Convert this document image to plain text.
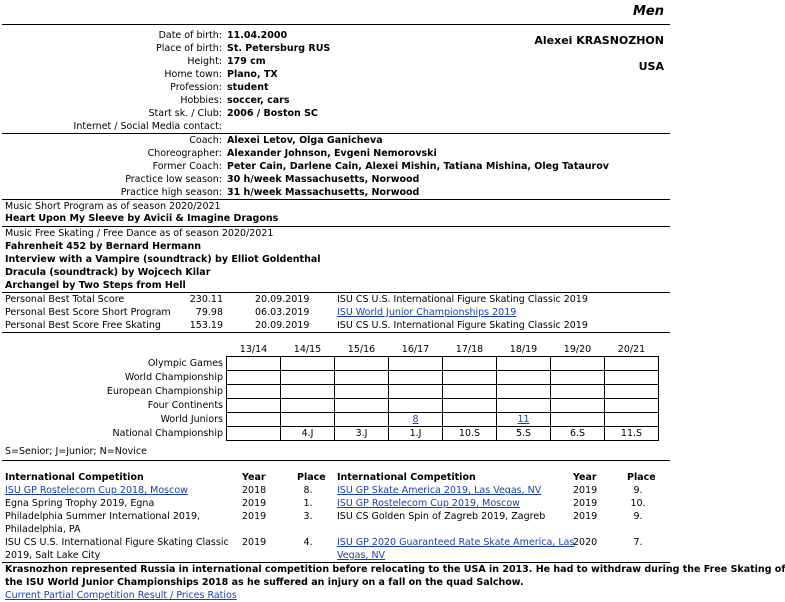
Men
Alexei KRASNOZHON
USA
Date of birth: 11.04.2000
Place of birth: St. Petersburg RUS
Height: 179 cm
Home town: Plano, TX
Profession: student
Hobbies: soccer, cars
Start sk. / Club: 2006 / Boston SC
Internet / Social Media contact:
Coach: Alexei Letov, Olga Ganicheva
Choreographer: Alexander Johnson, Evgeni Nemorovski
Former Coach: Peter Cain, Darlene Cain, Alexei Mishin, Tatiana Mishina, Oleg Tataurov
Practice low season: 30 h/week Massachusetts, Norwood
Practice high season: 31 h/week Massachusetts, Norwood
Music Short Program as of season 2020/2021
Heart Upon My Sleeve by Avicii & Imagine Dragons
Music Free Skating / Free Dance as of season 2020/2021
Fahrenheit 452 by Bernard Hermann
Interview with a Vampire (soundtrack) by Elliot Goldenthal
Dracula (soundtrack) by Wojcech Kilar
Archangel by Two Steps from Hell
Personal Best Total Score	230.11	20.09.2019	ISU CS U.S. International Figure Skating Classic 2019
Personal Best Score Short Program	79.98	06.03.2019	ISU World Junior Championships 2019
Personal Best Score Free Skating	153.19	20.09.2019	ISU CS U.S. International Figure Skating Classic 2019
	13/14	14/15	15/16	16/17	17/18	18/19	19/20	20/21
Olympic Games								
World Championship								
European Championship								
Four Continents								
World Juniors				8		11		
National Championship		4.J	3.J	1.J	10.S	5.S	6.S	11.S
S=Senior; J=Junior; N=Novice
International Competition	Year	Place International Competition	Year	Place
ISU GP Rostelecom Cup 2018, Moscow	2018	8.
Egna Spring Trophy 2019, Egna	2019	1.
Philadelphia Summer International 2019,
Philadelphia, PA
2019	3.
ISU CS U.S. International Figure Skating Classic
2019, Salt Lake City
2019	4.
ISU GP Skate America 2019, Las Vegas, NV	2019	9.
ISU GP Rostelecom Cup 2019, Moscow	2019	10.
ISU CS Golden Spin of Zagreb 2019, Zagreb	2019	9.
ISU GP 2020 Guaranteed Rate Skate America, Las
Vegas, NV
2020	7.
Krasnozhon represented Russia in international competition before relocating to the USA in 2013. He had to withdraw during the Free Skating of
the ISU World Junior Championships 2018 as he suffered an injury on a fall on the quad Salchow.
Current Partial Competition Result / Prices Ratios
